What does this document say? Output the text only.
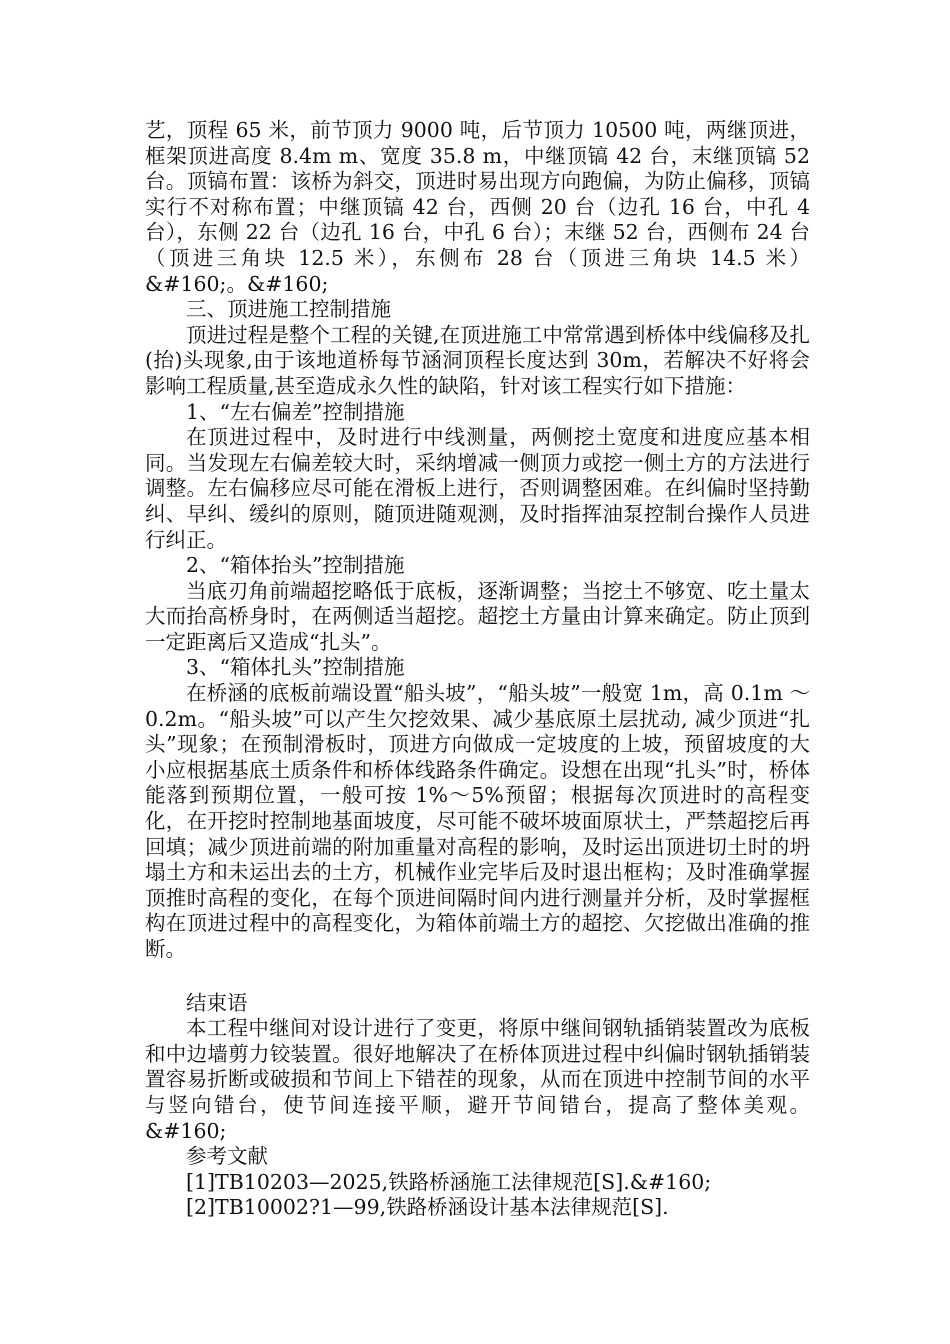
艺，顶程 65 米，前节顶力 9000 吨，后节顶力 10500 吨，两继顶进，框架顶进高度 8.4m m、宽度 35.8 m，中继顶镐 42 台，末继顶镐 52 台。顶镐布置：该桥为斜交，顶进时易出现方向跑偏，为防止偏移，顶镐实行不对称布置；中继顶镐 42 台，西侧 20 台（边孔 16 台，中孔 4 台），东侧 22 台（边孔 16 台，中孔 6 台）；末继 52 台，西侧布 24 台（顶进三角块 12.5 米），东侧布 28 台（顶进三角块 14.5 米）&#160;。&#160;

三、顶进施工控制措施

顶进过程是整个工程的关键,在顶进施工中常常遇到桥体中线偏移及扎(抬)头现象,由于该地道桥每节涵洞顶程长度达到 30m，若解决不好将会影响工程质量,甚至造成永久性的缺陷，针对该工程实行如下措施：

1、“左右偏差”控制措施

在顶进过程中，及时进行中线测量，两侧挖土宽度和进度应基本相同。当发现左右偏差较大时，采纳增减一侧顶力或挖一侧土方的方法进行调整。左右偏移应尽可能在滑板上进行，否则调整困难。在纠偏时坚持勤纠、早纠、缓纠的原则，随顶进随观测，及时指挥油泵控制台操作人员进行纠正。

2、“箱体抬头”控制措施

当底刃角前端超挖略低于底板，逐渐调整；当挖土不够宽、吃土量太大而抬高桥身时，在两侧适当超挖。超挖土方量由计算来确定。防止顶到一定距离后又造成“扎头”。

3、“箱体扎头”控制措施

在桥涵的底板前端设置“船头坡”，“船头坡”一般宽 1m，高 0.1m ～0.2m。“船头坡”可以产生欠挖效果、减少基底原土层扰动, 减少顶进“扎头”现象；在预制滑板时，顶进方向做成一定坡度的上坡，预留坡度的大小应根据基底土质条件和桥体线路条件确定。设想在出现“扎头”时，桥体能落到预期位置，一般可按 1%～5%预留；根据每次顶进时的高程变化，在开挖时控制地基面坡度，尽可能不破坏坡面原状土，严禁超挖后再回填；减少顶进前端的附加重量对高程的影响，及时运出顶进切土时的坍塌土方和未运出去的土方，机械作业完毕后及时退出框构；及时准确掌握顶推时高程的变化，在每个顶进间隔时间内进行测量并分析，及时掌握框构在顶进过程中的高程变化，为箱体前端土方的超挖、欠挖做出准确的推断。

结束语

本工程中继间对设计进行了变更，将原中继间钢轨插销装置改为底板和中边墙剪力铰装置。很好地解决了在桥体顶进过程中纠偏时钢轨插销装置容易折断或破损和节间上下错茬的现象，从而在顶进中控制节间的水平与竖向错台，使节间连接平顺，避开节间错台，提高了整体美观。&#160;

参考文献

[1]TB10203—2025,铁路桥涵施工法律规范[S].&#160;

[2]TB10002?1—99,铁路桥涵设计基本法律规范[S].
